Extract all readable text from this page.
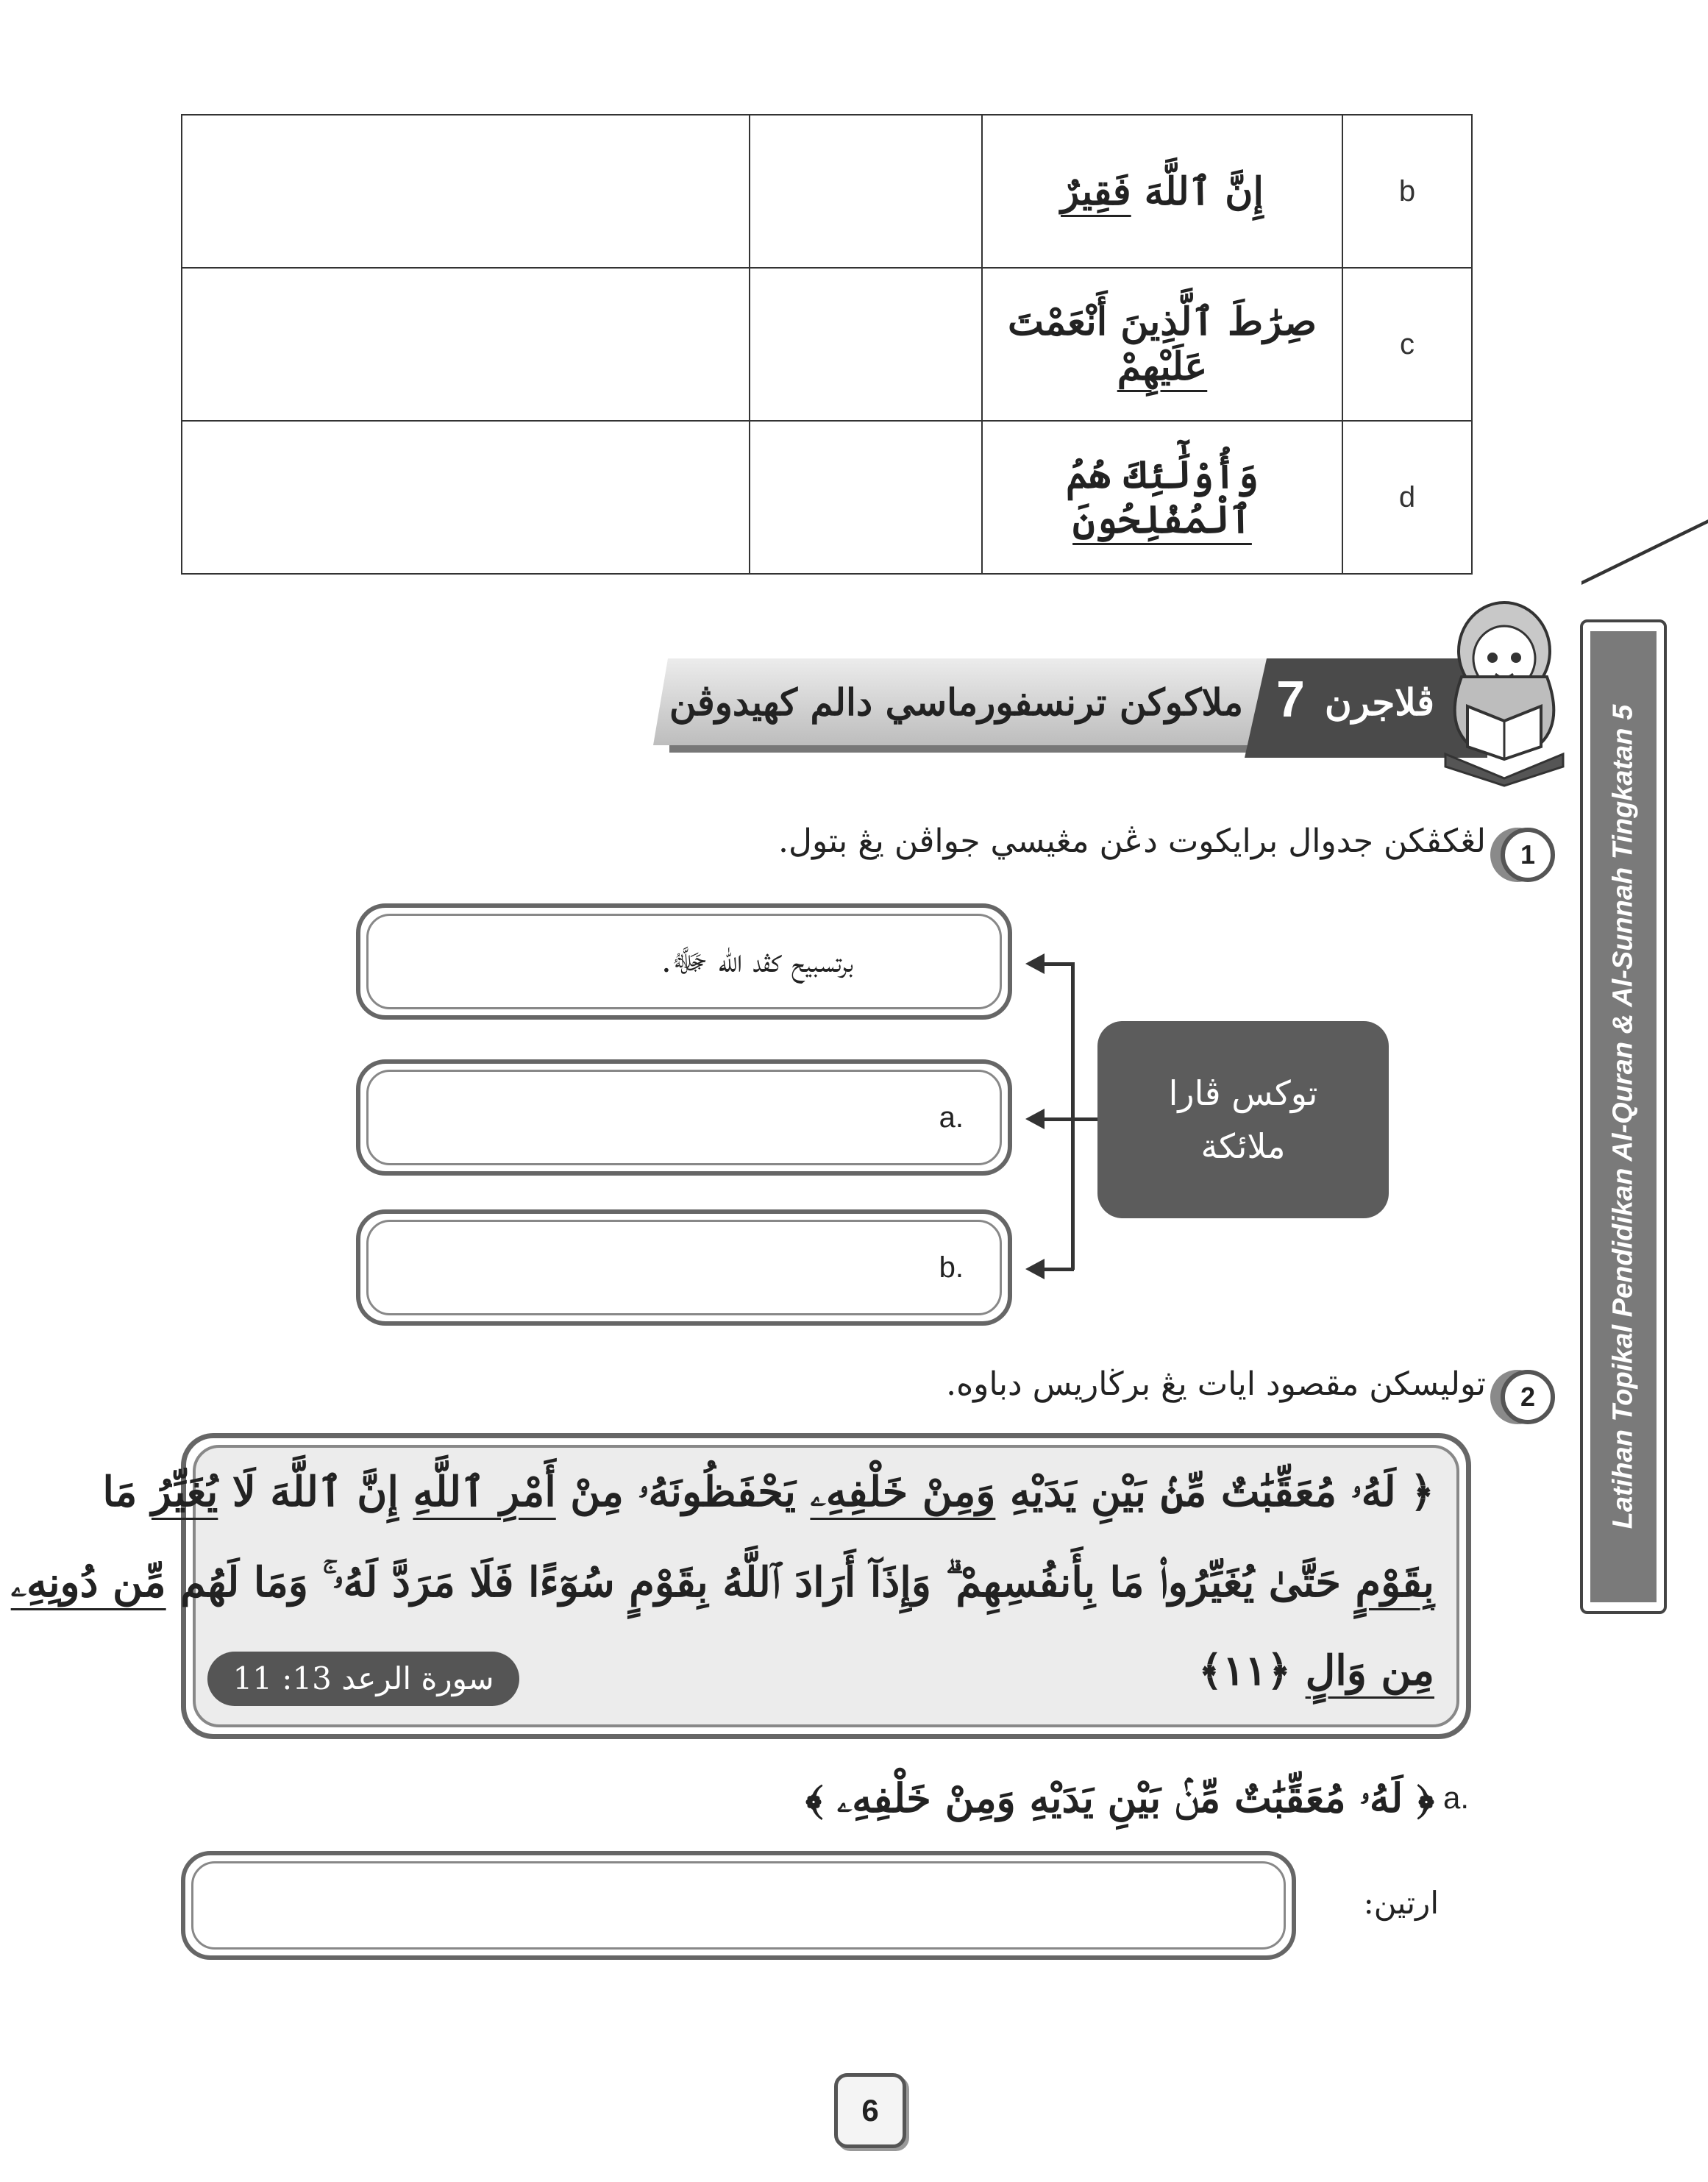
		إِنَّ ٱللَّهَ فَقِيرٌ	b
		صِرَٰطَ ٱلَّذِينَ أَنْعَمْتَ عَلَيْهِمْ	c
		وَأُوْلَٰٓئِكَ هُمُ ٱلْمُفْلِحُونَ	d
Latihan Topikal Pendidikan Al-Quran & Al-Sunnah Tingkatan 5
ملاكوكن ترنسفورماسي دالم كهيدوڤن	ڤلاجرن
7
1
لڠكڤكن جدوال برايكوت دڠن مڠيسي جواڤن يڠ بتول.
برتسبيح كڤد الله ﷻ.
a.
b.
توكس ڤارا
ملائكة
2
توليسكن مقصود ايات يڠ برڬاريس دباوه.
﴿ لَهُۥ مُعَقِّبَٰتٌ مِّنۢ بَيْنِ يَدَيْهِ وَمِنْ خَلْفِهِۦ يَحْفَظُونَهُۥ مِنْ أَمْرِ ٱللَّهِ إِنَّ ٱللَّهَ لَا يُغَيِّرُ مَا
بِقَوْمٍ حَتَّىٰ يُغَيِّرُوا۟ مَا بِأَنفُسِهِمْ ۗ وَإِذَآ أَرَادَ ٱللَّهُ بِقَوْمٍ سُوٓءًا فَلَا مَرَدَّ لَهُۥ ۚ وَمَا لَهُم مِّن دُونِهِۦ
مِن وَالٍ ﴿١١﴾
سورة الرعد 13: 11
a.
﴿ لَهُۥ مُعَقِّبَٰتٌ مِّنۢ بَيْنِ يَدَيْهِ وَمِنْ خَلْفِهِۦ ﴾
ارتين:
6
